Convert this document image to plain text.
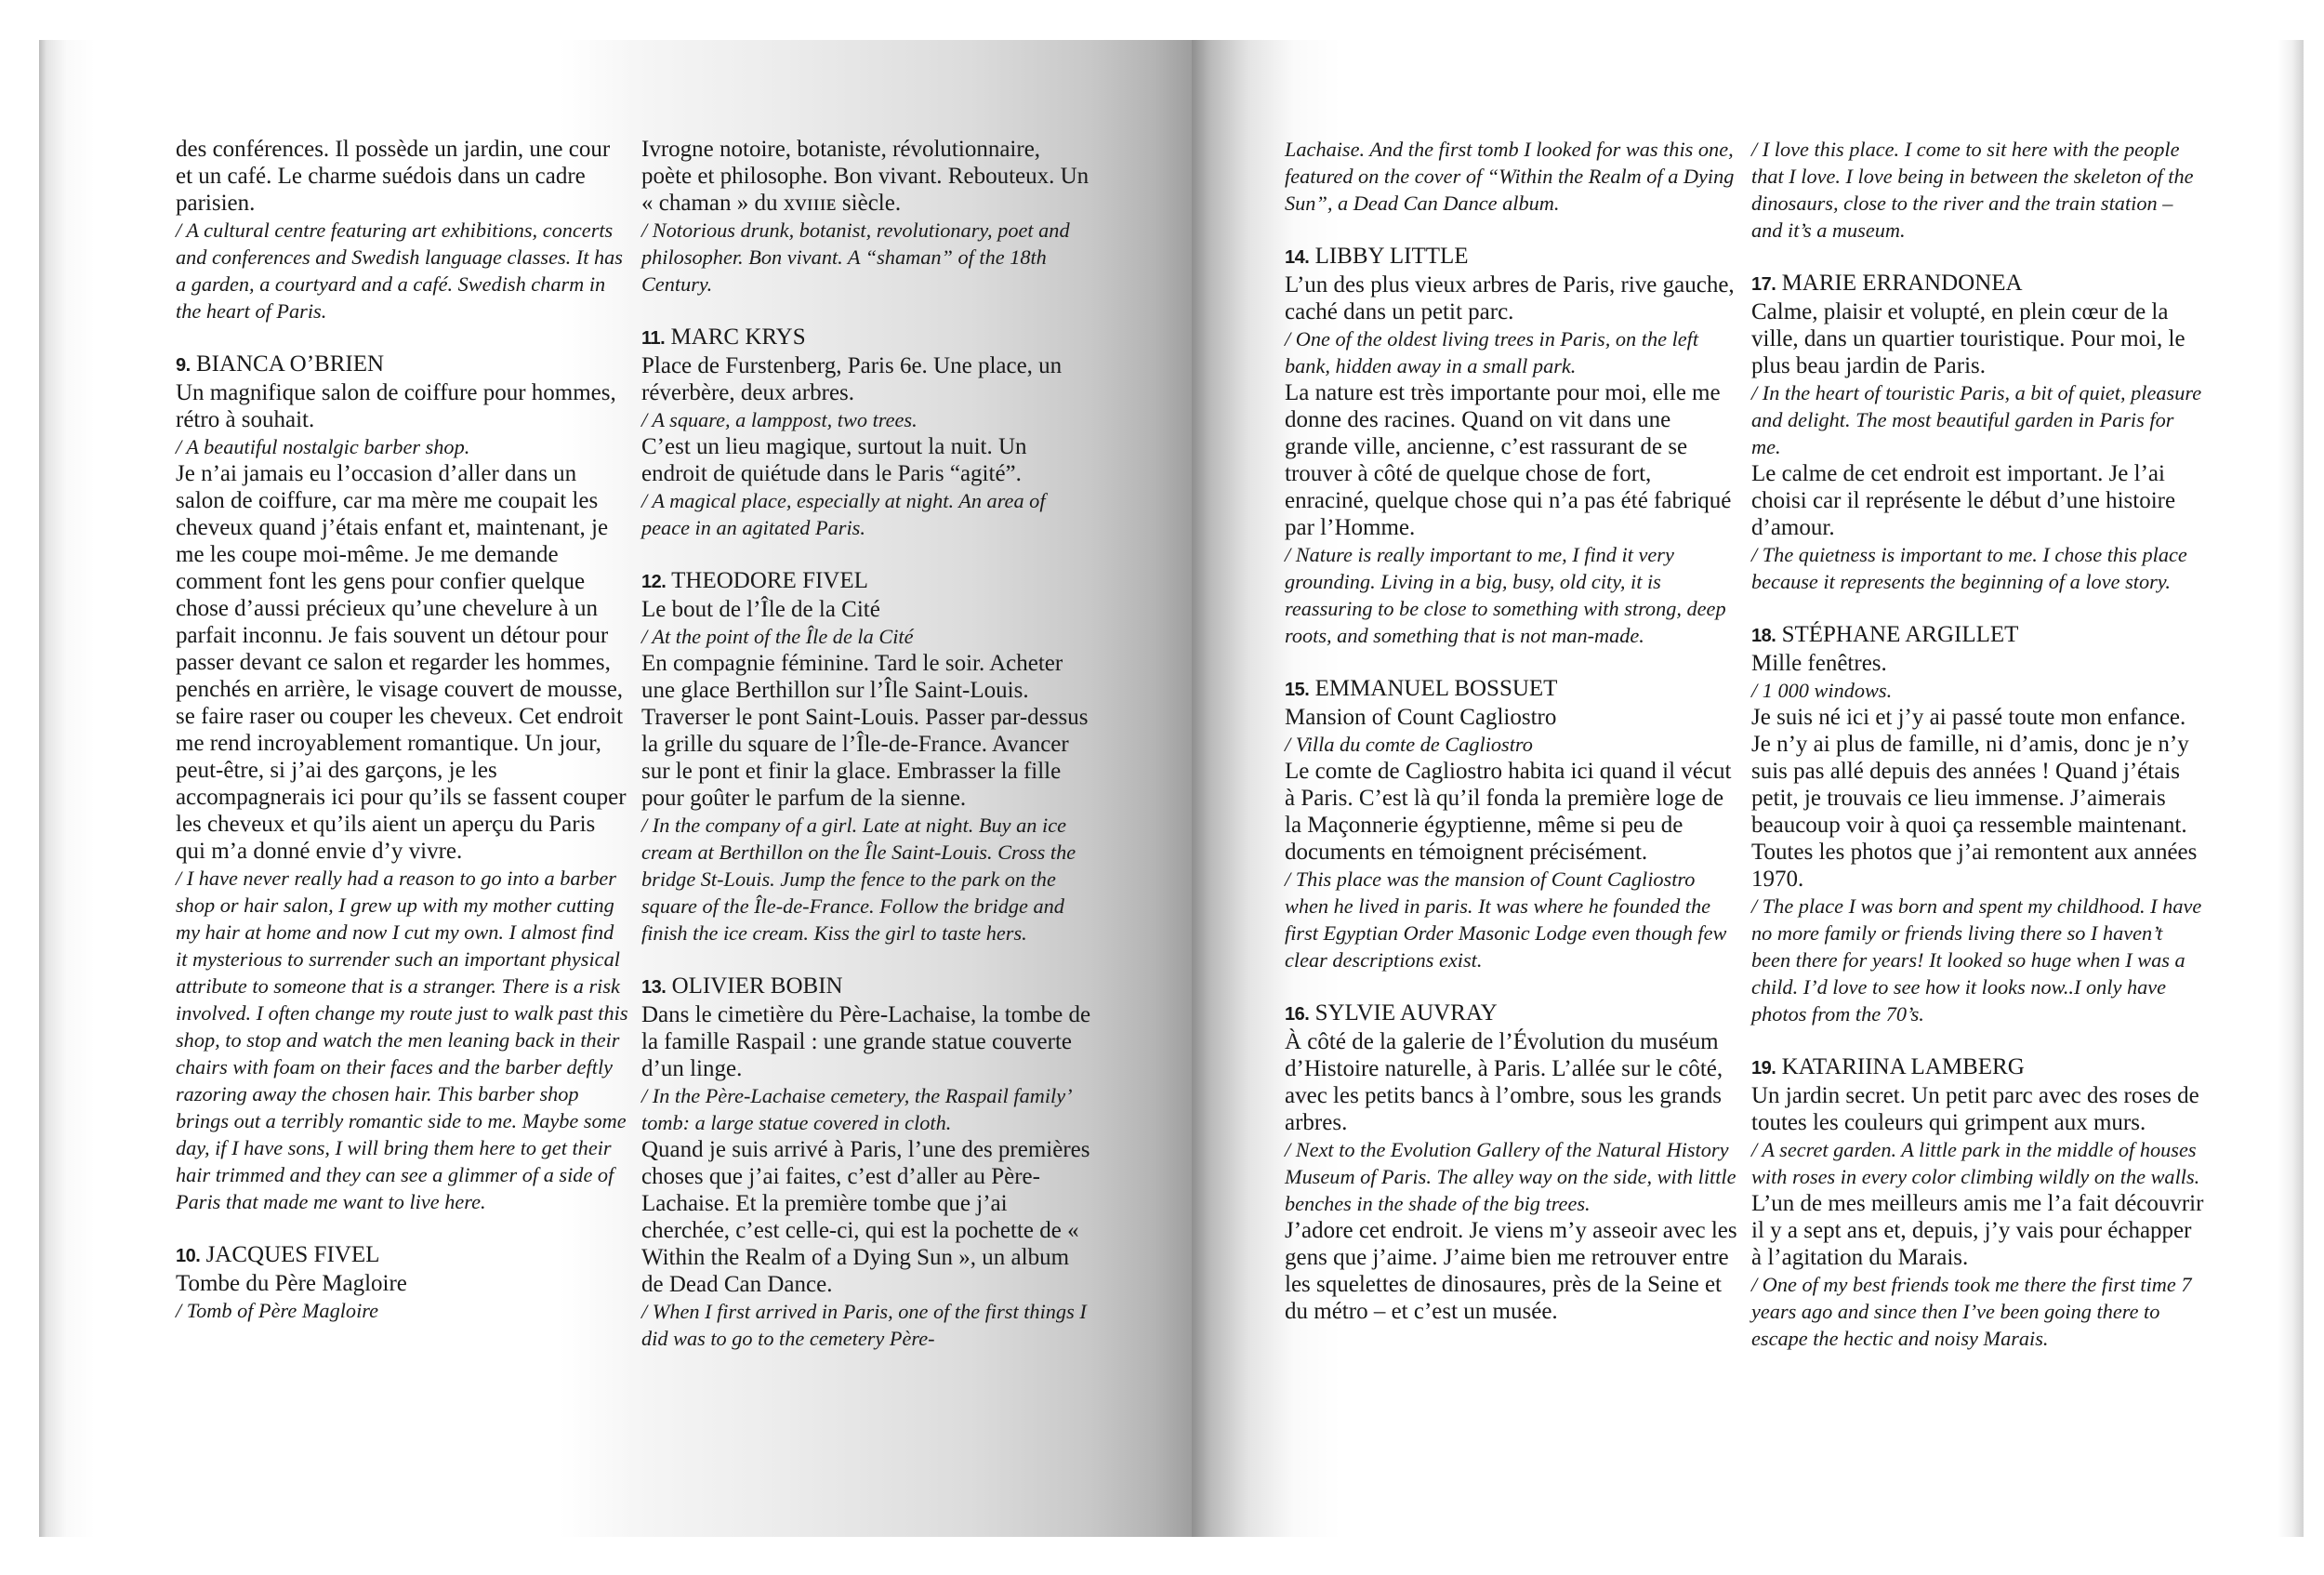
des conférences. Il possède un jardin, une cour et un café. Le charme suédois dans un cadre parisien.

/ A cultural centre featuring art exhibitions, concerts and conferences and Swedish language classes. It has a garden, a courtyard and a café. Swedish charm in the heart of Paris.

9. BIANCA O’BRIEN

Un magnifique salon de coiffure pour hommes, rétro à souhait.

/ A beautiful nostalgic barber shop.

Je n’ai jamais eu l’occasion d’aller dans un salon de coiffure, car ma mère me coupait les cheveux quand j’étais enfant et, maintenant, je me les coupe moi-même. Je me demande comment font les gens pour confier quelque chose d’aussi précieux qu’une chevelure à un parfait inconnu. Je fais souvent un détour pour passer devant ce salon et regarder les hommes, penchés en arrière, le visage couvert de mousse, se faire raser ou couper les cheveux. Cet endroit me rend incroyablement romantique. Un jour, peut-être, si j’ai des garçons, je les accompagnerais ici pour qu’ils se fassent couper les cheveux et qu’ils aient un aperçu du Paris qui m’a donné envie d’y vivre.

/ I have never really had a reason to go into a barber shop or hair salon, I grew up with my mother cutting my hair at home and now I cut my own. I almost find it mysterious to surrender such an important physical attribute to someone that is a stranger. There is a risk involved. I often change my route just to walk past this shop, to stop and watch the men leaning back in their chairs with foam on their faces and the barber deftly razoring away the chosen hair. This barber shop brings out a terribly romantic side to me. Maybe some day, if I have sons, I will bring them here to get their hair trimmed and they can see a glimmer of a side of Paris that made me want to live here.

10. JACQUES FIVEL

Tombe du Père Magloire

/ Tomb of Père Magloire

Ivrogne notoire, botaniste, révolutionnaire, poète et philosophe. Bon vivant. Rebouteux. Un « chaman » du xvɪɪɪᴇ siècle.

/ Notorious drunk, botanist, revolutionary, poet and philosopher. Bon vivant. A “shaman” of the 18th Century.

11. MARC KRYS

Place de Furstenberg, Paris 6e. Une place, un réverbère, deux arbres.

/ A square, a lamppost, two trees.

C’est un lieu magique, surtout la nuit. Un endroit de quiétude dans le Paris “agité”.

/ A magical place, especially at night. An area of peace in an agitated Paris.

12. THEODORE FIVEL

Le bout de l’Île de la Cité

/ At the point of the Île de la Cité

En compagnie féminine. Tard le soir. Acheter une glace Berthillon sur l’Île Saint-Louis. Traverser le pont Saint-Louis. Passer par-dessus la grille du square de l’Île-de-France. Avancer sur le pont et finir la glace. Embrasser la fille pour goûter le parfum de la sienne.

/ In the company of a girl. Late at night. Buy an ice cream at Berthillon on the Île Saint-Louis. Cross the bridge St-Louis. Jump the fence to the park on the square of the Île-de-France. Follow the bridge and finish the ice cream. Kiss the girl to taste hers.

13. OLIVIER BOBIN

Dans le cimetière du Père-Lachaise, la tombe de la famille Raspail : une grande statue couverte d’un linge.

/ In the Père-Lachaise cemetery, the Raspail family’ tomb: a large statue covered in cloth.

Quand je suis arrivé à Paris, l’une des premières choses que j’ai faites, c’est d’aller au Père-Lachaise. Et la première tombe que j’ai cherchée, c’est celle-ci, qui est la pochette de « Within the Realm of a Dying Sun », un album de Dead Can Dance.

/ When I first arrived in Paris, one of the first things I did was to go to the cemetery Père-

Lachaise. And the first tomb I looked for was this one, featured on the cover of “Within the Realm of a Dying Sun”, a Dead Can Dance album.

14. LIBBY LITTLE

L’un des plus vieux arbres de Paris, rive gauche, caché dans un petit parc.

/ One of the oldest living trees in Paris, on the left bank, hidden away in a small park.

La nature est très importante pour moi, elle me donne des racines. Quand on vit dans une grande ville, ancienne, c’est rassurant de se trouver à côté de quelque chose de fort, enraciné, quelque chose qui n’a pas été fabriqué par l’Homme.

/ Nature is really important to me, I find it very grounding. Living in a big, busy, old city, it is reassuring to be close to something with strong, deep roots, and something that is not man-made.

15. EMMANUEL BOSSUET

Mansion of Count Cagliostro

/ Villa du comte de Cagliostro

Le comte de Cagliostro habita ici quand il vécut à Paris. C’est là qu’il fonda la première loge de la Maçonnerie égyptienne, même si peu de documents en témoignent précisément.

/ This place was the mansion of Count Cagliostro when he lived in paris. It was where he founded the first Egyptian Order Masonic Lodge even though few clear descriptions exist.

16. SYLVIE AUVRAY

À côté de la galerie de l’Évolution du muséum d’Histoire naturelle, à Paris. L’allée sur le côté, avec les petits bancs à l’ombre, sous les grands arbres.

/ Next to the Evolution Gallery of the Natural History Museum of Paris. The alley way on the side, with little benches in the shade of the big trees.

J’adore cet endroit. Je viens m’y asseoir avec les gens que j’aime. J’aime bien me retrouver entre les squelettes de dinosaures, près de la Seine et du métro – et c’est un musée.

/ I love this place. I come to sit here with the people that I love. I love being in between the skeleton of the dinosaurs, close to the river and the train station – and it’s a museum.

17. MARIE ERRANDONEA

Calme, plaisir et volupté, en plein cœur de la ville, dans un quartier touristique. Pour moi, le plus beau jardin de Paris.

/ In the heart of touristic Paris, a bit of quiet, pleasure and delight. The most beautiful garden in Paris for me.

Le calme de cet endroit est important. Je l’ai choisi car il représente le début d’une histoire d’amour.

/ The quietness is important to me. I chose this place because it represents the beginning of a love story.

18. STÉPHANE ARGILLET

Mille fenêtres.

/ 1 000 windows.

Je suis né ici et j’y ai passé toute mon enfance. Je n’y ai plus de famille, ni d’amis, donc je n’y suis pas allé depuis des années ! Quand j’étais petit, je trouvais ce lieu immense. J’aimerais beaucoup voir à quoi ça ressemble maintenant. Toutes les photos que j’ai remontent aux années 1970.

/ The place I was born and spent my childhood. I have no more family or friends living there so I haven’t been there for years! It looked so huge when I was a child. I’d love to see how it looks now..I only have photos from the 70’s.

19. KATARIINA LAMBERG

Un jardin secret. Un petit parc avec des roses de toutes les couleurs qui grimpent aux murs.

/ A secret garden. A little park in the middle of houses with roses in every color climbing wildly on the walls.

L’un de mes meilleurs amis me l’a fait découvrir il y a sept ans et, depuis, j’y vais pour échapper à l’agitation du Marais.

/ One of my best friends took me there the first time 7 years ago and since then I’ve been going there to escape the hectic and noisy Marais.
